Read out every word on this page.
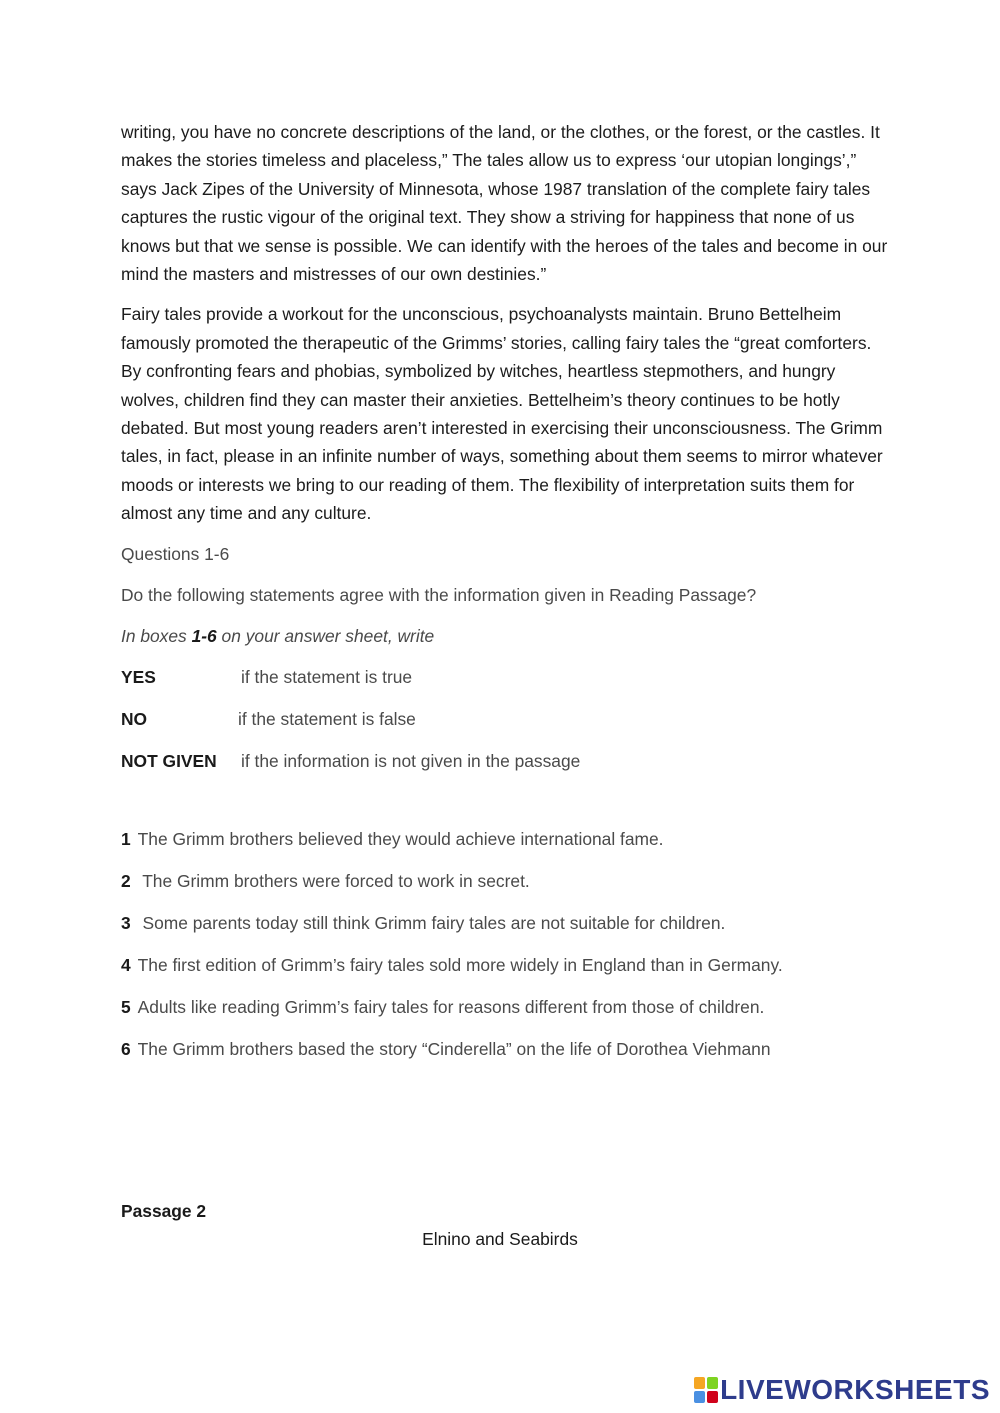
writing, you have no concrete descriptions of the land, or the clothes, or the forest, or the castles. It makes the stories timeless and placeless,” The tales allow us to express ‘our utopian longings’,” says Jack Zipes of the University of Minnesota, whose 1987 translation of the complete fairy tales captures the rustic vigour of the original text. They show a striving for happiness that none of us knows but that we sense is possible. We can identify with the heroes of the tales and become in our mind the masters and mistresses of our own destinies.”

Fairy tales provide a workout for the unconscious, psychoanalysts maintain. Bruno Bettelheim famously promoted the therapeutic of the Grimms’ stories, calling fairy tales the “great comforters. By confronting fears and phobias, symbolized by witches, heartless stepmothers, and hungry wolves, children find they can master their anxieties. Bettelheim’s theory continues to be hotly debated. But most young readers aren’t interested in exercising their unconsciousness. The Grimm tales, in fact, please in an infinite number of ways, something about them seems to mirror whatever moods or interests we bring to our reading of them. The flexibility of interpretation suits them for almost any time and any culture.

Questions 1-6

Do the following statements agree with the information given in Reading Passage?

In boxes 1-6 on your answer sheet, write

YES	if the statement is true
NO	if the statement is false
NOT GIVEN	if the information is not given in the passage

1 The Grimm brothers believed they would achieve international fame.

2 The Grimm brothers were forced to work in secret.

3 Some parents today still think Grimm fairy tales are not suitable for children.

4 The first edition of Grimm’s fairy tales sold more widely in England than in Germany.

5 Adults like reading Grimm’s fairy tales for reasons different from those of children.

6 The Grimm brothers based the story “Cinderella” on the life of Dorothea Viehmann

Passage 2
Elnino and Seabirds
LIVEWORKSHEETS
